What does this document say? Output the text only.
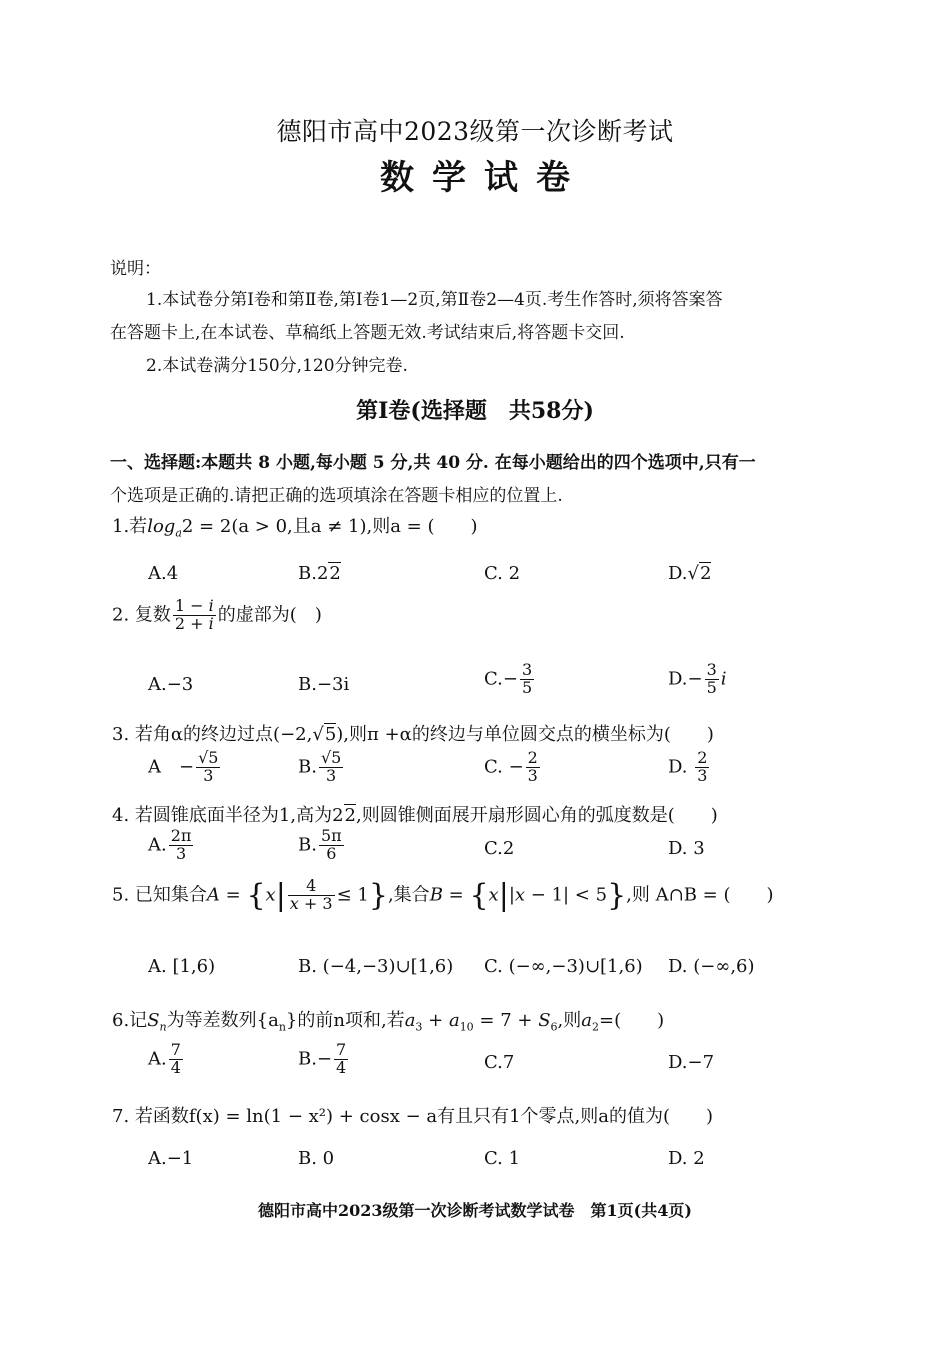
德阳市高中2023级第一次诊断考试
数学试卷
说明：
1.本试卷分第Ⅰ卷和第Ⅱ卷,第Ⅰ卷1—2页,第Ⅱ卷2—4页.考生作答时,须将答案答
在答题卡上,在本试卷、草稿纸上答题无效.考试结束后,将答题卡交回.
2.本试卷满分150分,120分钟完卷.
第Ⅰ卷(选择题　共58分)
一、选择题:本题共 8 小题,每小题 5 分,共 40 分. 在每小题给出的四个选项中,只有一
个选项是正确的.请把正确的选项填涂在答题卡相应的位置上.
1.若$\log_a2 = 2(a > 0$,且a ≠ 1),则a = (　　)
A.4	B.22	C. 2	D.√2
2. 复数 $\frac{1 - i}{2 + i}$ 的虚部为(　)
A.−3	B.−3i	$C.- \frac{3}{5}$	$D.- \frac{3}{5}$ i
3. 若角α的终边过点(−2,√5),则π +α的终边与单位圆交点的横坐标为(　　)
A　− $\frac{√5}{3}$	B. $\frac{√5}{3}$	C. − $\frac{2}{3}$	D. $\frac{2}{3}$
4. 若圆锥底面半径为1,高为22,则圆锥侧面展开扇形圆心角的弧度数是(　　)
A. $\frac{2\pi}{3}$	B. $\frac{5\pi}{6}$	C.2	D. 3
5. 已知集合$A = \{x| \frac{4}{x + 3} \le 1\}$,集合B = {x||x − 1| < 5},则 A∩B = (　　)
A. [1,6)	B. (−4,−3)∪[1,6) C. (−∞,−3)∪[1,6) D. (−∞,6)
6.记$S_n$为等差数列$\{a_n\}$的前n项和,若$a_3 + a_{10} = 7 + S_6$,则$a_2=$(　　)
A. $\frac{7}{4}$	$B.- \frac{7}{4}$	C.7	D.−7
7. 若函数f(x) = ln(1 − x²) + cosx − a有且只有1个零点,则a的值为(　　)
A.−1	B. 0	C. 1	D. 2
德阳市高中2023级第一次诊断考试数学试卷　第1页(共4页)
